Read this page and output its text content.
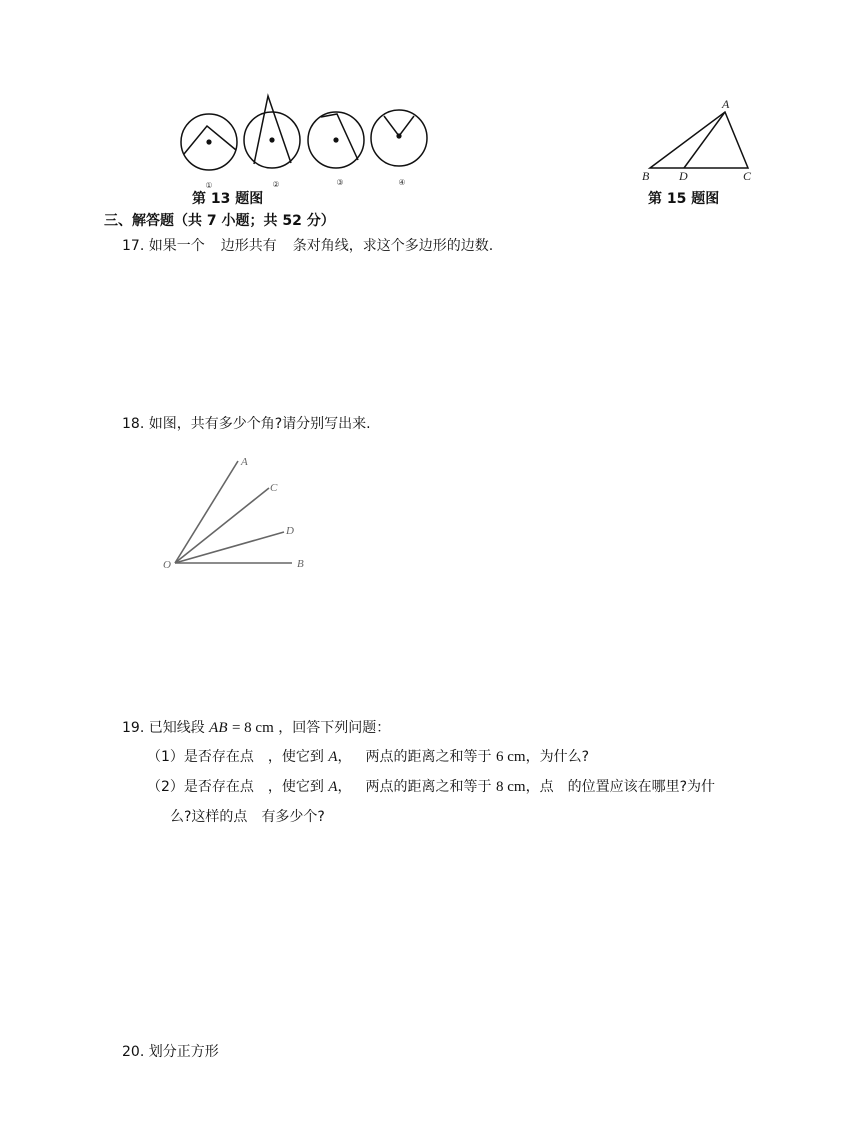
①	②	③	④
第 13 题图
A
B D	C
第 15 题图
三、解答题（共 7 小题；共 52 分）
17. 如果一个 边形共有 条对角线，求这个多边形的边数.
18. 如图，共有多少个角?请分别写出来.
A
C
D
O	B
19. 已知线段 AB = 8 cm ，回答下列问题：
（1）是否存在点 ，使它到 A， 两点的距离之和等于 6 cm，为什么?
（2）是否存在点 ，使它到 A， 两点的距离之和等于 8 cm，点 的位置应该在哪里?为什
么?这样的点 有多少个?
20. 划分正方形
